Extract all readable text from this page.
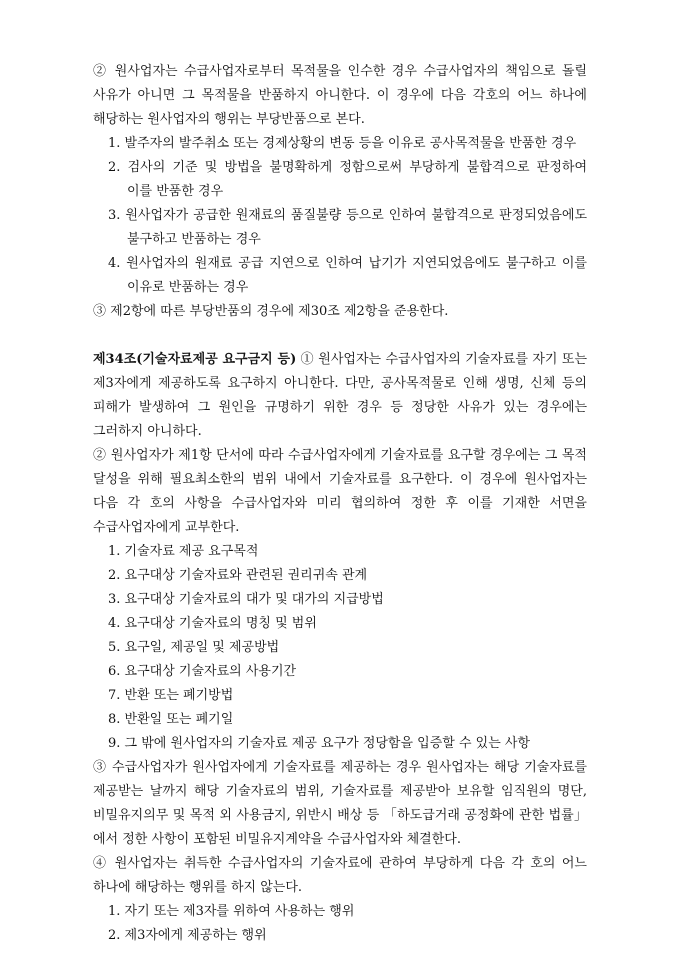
② 원사업자는 수급사업자로부터 목적물을 인수한 경우 수급사업자의 책임으로 돌릴 사유가 아니면 그 목적물을 반품하지 아니한다. 이 경우에 다음 각호의 어느 하나에 해당하는 원사업자의 행위는 부당반품으로 본다.

1. 발주자의 발주취소 또는 경제상황의 변동 등을 이유로 공사목적물을 반품한 경우

2. 검사의 기준 및 방법을 불명확하게 정함으로써 부당하게 불합격으로 판정하여 이를 반품한 경우

3. 원사업자가 공급한 원재료의 품질불량 등으로 인하여 불합격으로 판정되었음에도 불구하고 반품하는 경우

4. 원사업자의 원재료 공급 지연으로 인하여 납기가 지연되었음에도 불구하고 이를 이유로 반품하는 경우

③ 제2항에 따른 부당반품의 경우에 제30조 제2항을 준용한다.

제34조(기술자료제공 요구금지 등) ① 원사업자는 수급사업자의 기술자료를 자기 또는 제3자에게 제공하도록 요구하지 아니한다. 다만, 공사목적물로 인해 생명, 신체 등의 피해가 발생하여 그 원인을 규명하기 위한 경우 등 정당한 사유가 있는 경우에는 그러하지 아니하다.

② 원사업자가 제1항 단서에 따라 수급사업자에게 기술자료를 요구할 경우에는 그 목적 달성을 위해 필요최소한의 범위 내에서 기술자료를 요구한다. 이 경우에 원사업자는 다음 각 호의 사항을 수급사업자와 미리 협의하여 정한 후 이를 기재한 서면을 수급사업자에게 교부한다.

1. 기술자료 제공 요구목적

2. 요구대상 기술자료와 관련된 권리귀속 관계

3. 요구대상 기술자료의 대가 및 대가의 지급방법

4. 요구대상 기술자료의 명칭 및 범위

5. 요구일, 제공일 및 제공방법

6. 요구대상 기술자료의 사용기간

7. 반환 또는 폐기방법

8. 반환일 또는 폐기일

9. 그 밖에 원사업자의 기술자료 제공 요구가 정당함을 입증할 수 있는 사항

③ 수급사업자가 원사업자에게 기술자료를 제공하는 경우 원사업자는 해당 기술자료를 제공받는 날까지 해당 기술자료의 범위, 기술자료를 제공받아 보유할 임직원의 명단, 비밀유지의무 및 목적 외 사용금지, 위반시 배상 등 「하도급거래 공정화에 관한 법률」에서 정한 사항이 포함된 비밀유지계약을 수급사업자와 체결한다.

④ 원사업자는 취득한 수급사업자의 기술자료에 관하여 부당하게 다음 각 호의 어느 하나에 해당하는 행위를 하지 않는다.

1. 자기 또는 제3자를 위하여 사용하는 행위

2. 제3자에게 제공하는 행위
